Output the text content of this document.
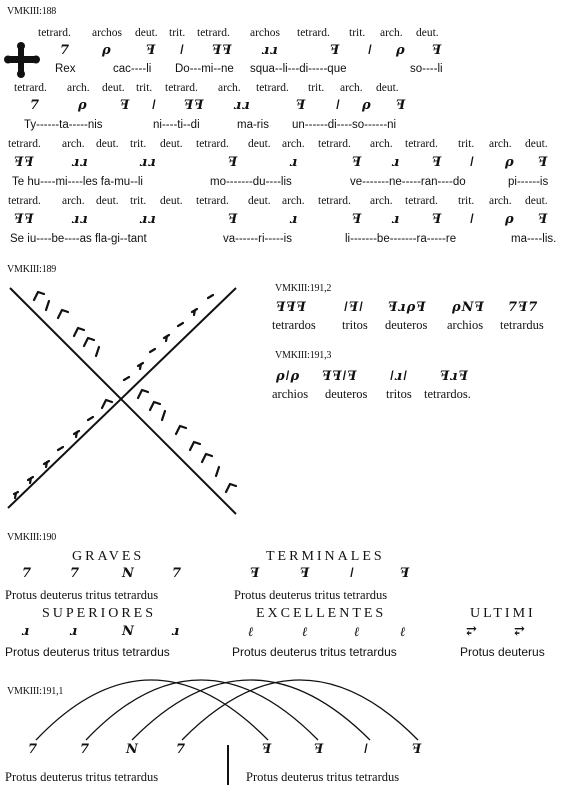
VMKIII:188
tetrard. archos deut. trit. tetrard. archos tetrard. trit. arch. deut.
7 ρ	ꟻ ǀ ꟻꟻ ɹɹ	ꟻ ǀ ρ ꟻ
Rex	cac----li Do---mi--ne squa--li---di-----que	so----li
tetrard. arch. deut. trit. tetrard. arch. tetrard. trit. arch. deut.
7	ρ ꟻ ǀ ꟻꟻ ɹɹ	ꟻ ǀ ρ ꟻ
Ty------ta-----nis	ni----ti--di	ma-ris un------di----so------ni
tetrard. arch. deut. trit. deut. tetrard. deut. arch. tetrard. arch. tetrard. trit. arch. deut.
ꟻꟻ	ɹɹ	ɹɹ	ꟻ	ɹ	ꟻ ɹ ꟻ ǀ ρ ꟻ
Te hu----mi----les fa-mu--li	mo-------du----lis	ve-------ne-----ran----do	pi------is
tetrard. arch. deut. trit. deut. tetrard. deut. arch. tetrard. arch. tetrard. trit. arch. deut.
ꟻꟻ	ɹɹ	ɹɹ	ꟻ	ɹ	ꟻ ɹ ꟻ ǀ ρ ꟻ
Se iu----be----as fla-gi--tant	va------ri-----is	li-------be-------ra-----re	ma----lis.
VMKIII:189
VMKIII:191,2
ꟻꟻꟻ	ǀꟻǀ ꟻɹρꟻ ρNꟻ 7ꟻ7
tetrardos tritos deuteros archios tetrardus
VMKIII:191,3
ρǀρ ꟻꟻǀꟻ ǀɹǀ ꟻɹꟻ
archios deuteros tritos tetrardos.
VMKIII:190
GRAVES
7	7	N	7
Protus deuterus tritus tetrardus
TERMINALES
ꟻ	ꟻ	ǀ	ꟻ
Protus deuterus tritus tetrardus
SUPERIORES
ɹ	ɹ	N	ɹ
Protus deuterus tritus tetrardus
EXCELLENTES
ℓ	ℓ	ℓ	ℓ
Protus deuterus tritus tetrardus
ULTIMI
⥂	⥂
Protus deuterus
VMKIII:191,1
7	7	N	7	ꟻ	ꟻ	ǀ	ꟻ
Protus deuterus tritus tetrardus	Protus deuterus tritus tetrardus
